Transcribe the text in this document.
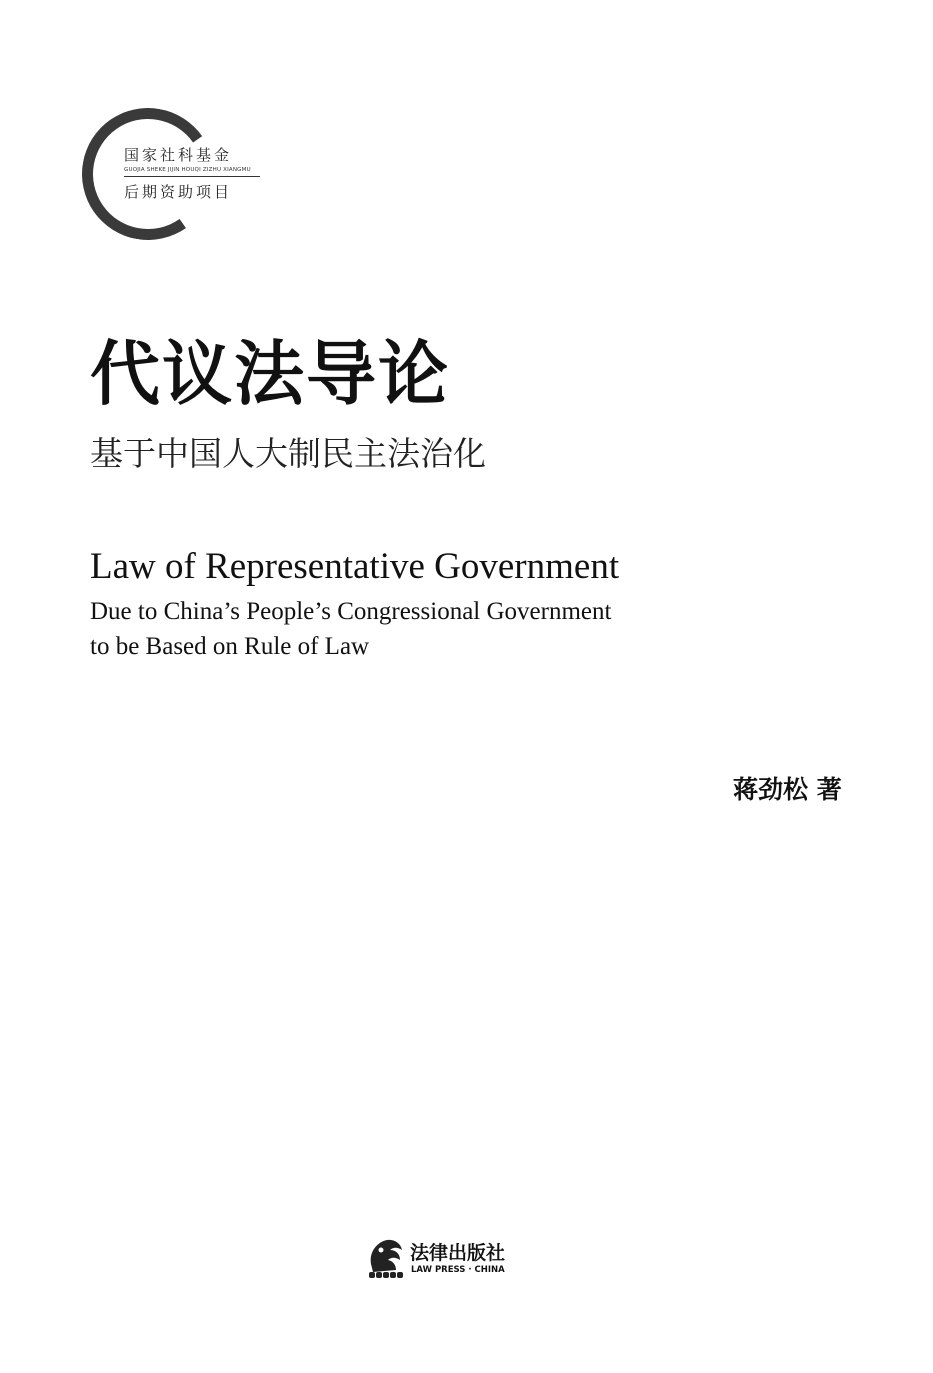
国家社科基金
GUOJIA SHEKE JIJIN HOUQI ZIZHU XIANGMU
后期资助项目
代议法导论
基于中国人大制民主法治化
Law of Representative Government
Due to China’s People’s Congressional Government
to be Based on Rule of Law
蒋劲松 著
法律出版社
LAW PRESS · CHINA
